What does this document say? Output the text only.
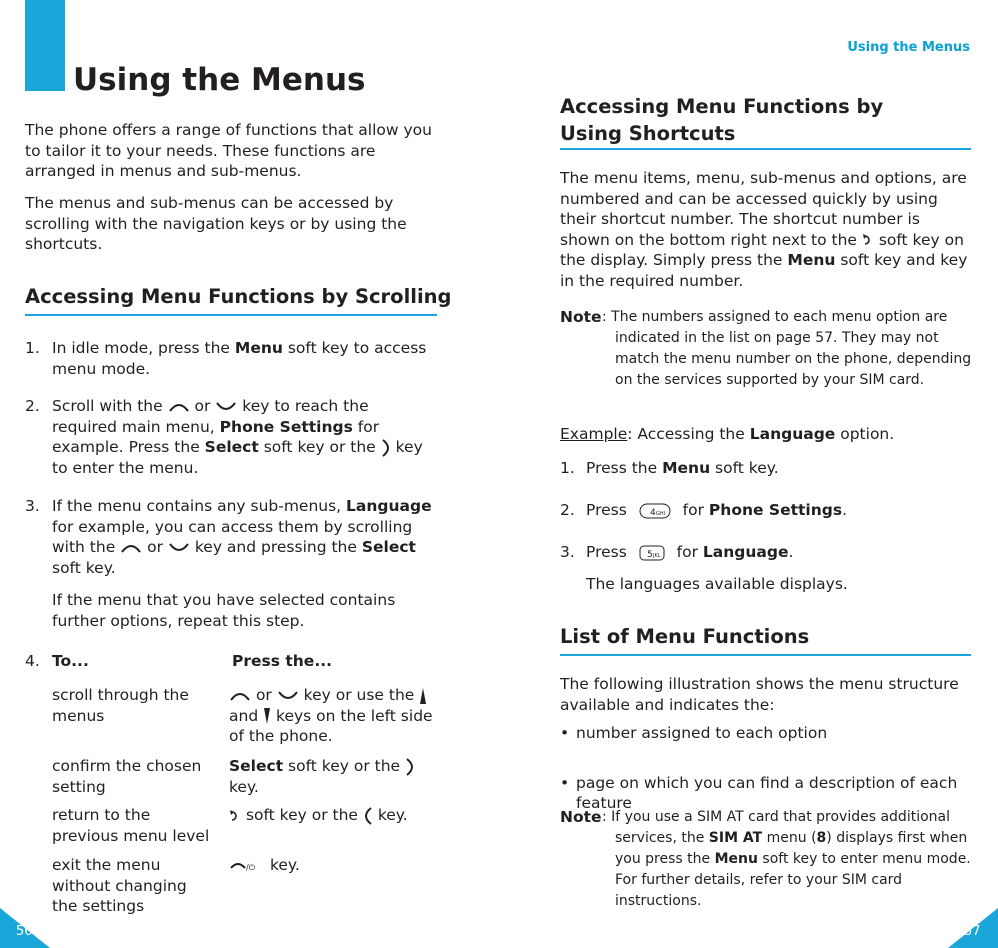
Using the Menus

The phone offers a range of functions that allow you to tailor it to your needs. These functions are arranged in menus and sub-menus.

The menus and sub-menus can be accessed by scrolling with the navigation keys or by using the shortcuts.

Accessing Menu Functions by Scrolling
1. In idle mode, press the Menu soft key to access menu mode.

2. Scroll with the or key to reach the required main menu, Phone Settings for example. Press the Select soft key or the key to enter the menu.

3. If the menu contains any sub-menus, Language for example, you can access them by scrolling with the or key and pressing the Select soft key.

If the menu that you have selected contains further options, repeat this step.

4. To...	Press the...

scroll through the menus

or key or use the  and keys on the left side of the phone.

confirm the chosen setting

Select soft key or the  key.

return to the previous menu level

soft key or the key.

exit the menu without changing the settings

/⏻ key.

56
Using the Menus
Accessing Menu Functions by
Using Shortcuts

The menu items, menu, sub-menus and options, are numbered and can be accessed quickly by using their shortcut number. The shortcut number is shown on the bottom right next to the soft key on the display. Simply press the Menu soft key and key in the required number.

Note : The numbers assigned to each menu option are indicated in the list on page 57. They may not match the menu number on the phone, depending on the services supported by your SIM card.

Example: Accessing the Language option.

1. Press the Menu soft key.

2. Press	4 GHI for Phone Settings.

3. Press 5 JKL for Language.

The languages available displays.

List of Menu Functions

The following illustration shows the menu structure available and indicates the:

• number assigned to each option

• page on which you can find a description of each feature

Note : If you use a SIM AT card that provides additional services, the SIM AT menu (8) displays first when you press the Menu soft key to enter menu mode. For further details, refer to your SIM card instructions.

57
